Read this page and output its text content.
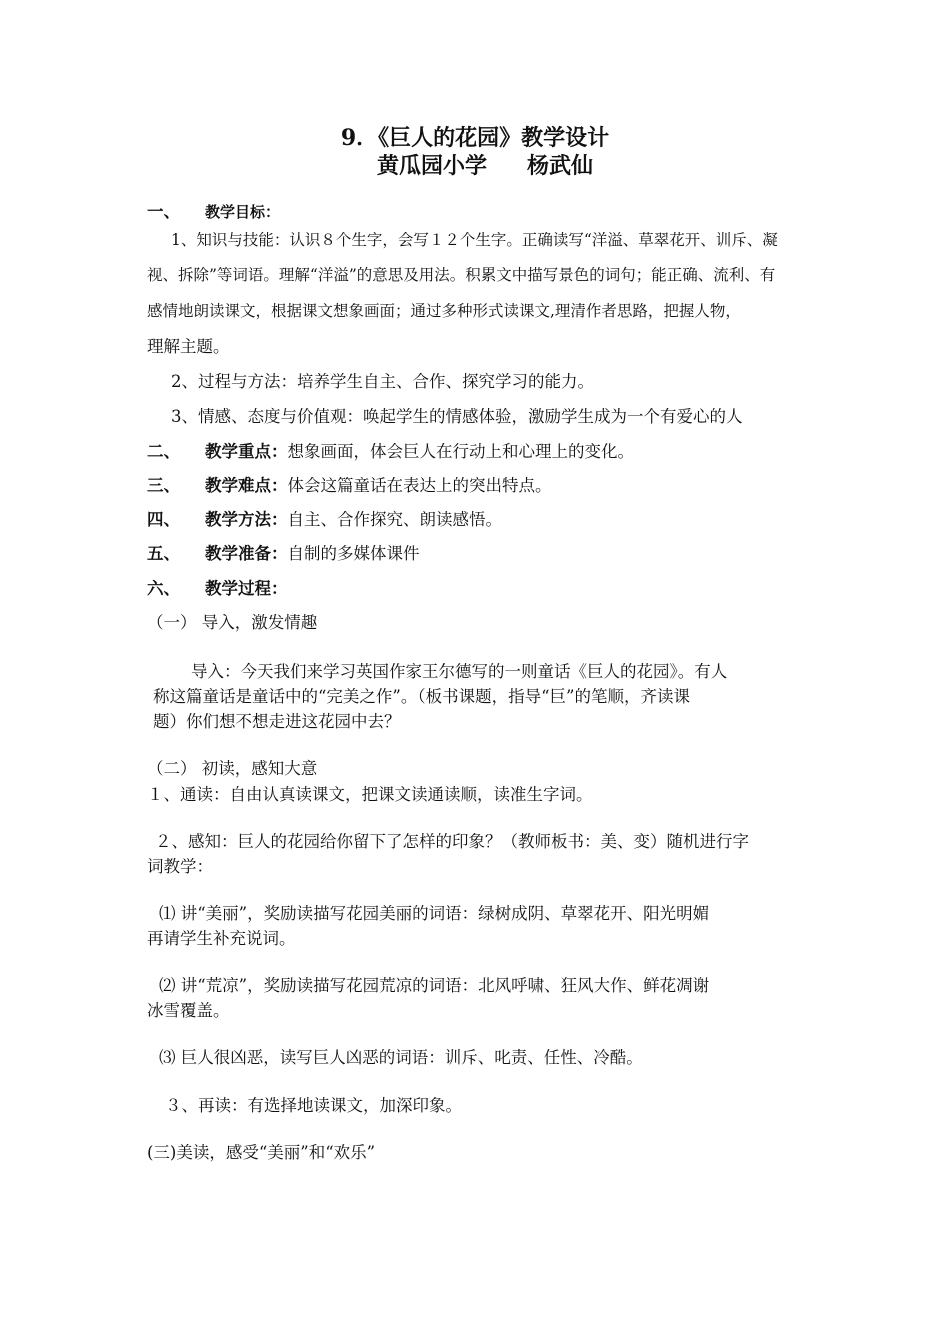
9．《巨人的花园》教学设计
黄瓜园小学 杨武仙
一、 教学目标：
1、知识与技能：认识８个生字，会写１２个生字。正确读写“洋溢、草翠花开、训斥、凝
视、拆除”等词语。理解“洋溢”的意思及用法。积累文中描写景色的词句；能正确、流利、有
感情地朗读课文，根据课文想象画面；通过多种形式读课文,理清作者思路，把握人物，
理解主题。
2、过程与方法：培养学生自主、合作、探究学习的能力。
3、情感、态度与价值观：唤起学生的情感体验，激励学生成为一个有爱心的人
二、 教学重点：想象画面，体会巨人在行动上和心理上的变化。
三、 教学难点：体会这篇童话在表达上的突出特点。
四、 教学方法：自主、合作探究、朗读感悟。
五、 教学准备：自制的多媒体课件
六、 教学过程：
（一） 导入，激发情趣
导入：今天我们来学习英国作家王尔德写的一则童话《巨人的花园》。有人
称这篇童话是童话中的“完美之作”。（板书课题，指导“巨”的笔顺，齐读课
题）你们想不想走进这花园中去？
（二） 初读，感知大意
１、通读：自由认真读课文，把课文读通读顺，读准生字词。
２、感知：巨人的花园给你留下了怎样的印象？（教师板书：美、变）随机进行字
词教学：
⑴ 讲“美丽”，奖励读描写花园美丽的词语：绿树成阴、草翠花开、阳光明媚
再请学生补充说词。
⑵ 讲“荒凉”，奖励读描写花园荒凉的词语：北风呼啸、狂风大作、鲜花凋谢
冰雪覆盖。
⑶ 巨人很凶恶，读写巨人凶恶的词语：训斥、叱责、任性、冷酷。
３、再读：有选择地读课文，加深印象。
(三)美读，感受“美丽”和“欢乐”
